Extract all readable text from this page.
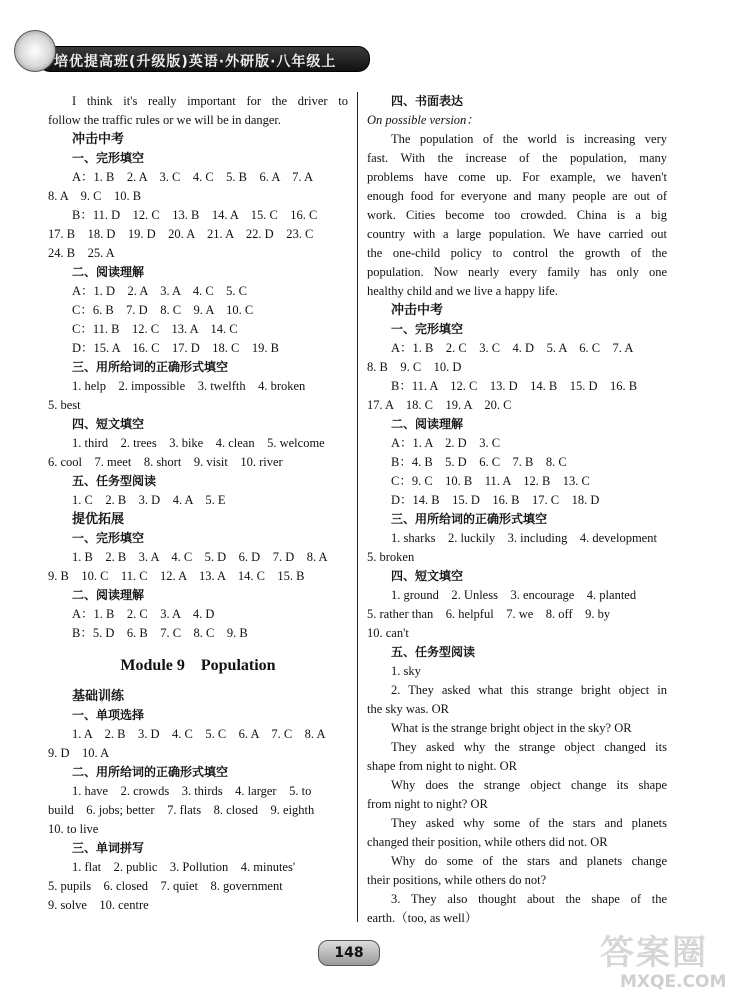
培优提高班(升级版)英语·外研版·八年级上
I think it's really important for the driver to
follow the traffic rules or we will be in danger.
冲击中考
一、完形填空
A：1. B　2. A　3. C　4. C　5. B　6. A　7. A
8. A　9. C　10. B
B：11. D　12. C　13. B　14. A　15. C　16. C
17. B　18. D　19. D　20. A　21. A　22. D　23. C
24. B　25. A
二、阅读理解
A：1. D　2. A　3. A　4. C　5. C
C：6. B　7. D　8. C　9. A　10. C
C：11. B　12. C　13. A　14. C
D：15. A　16. C　17. D　18. C　19. B
三、用所给词的正确形式填空
1. help　2. impossible　3. twelfth　4. broken
5. best
四、短文填空
1. third　2. trees　3. bike　4. clean　5. welcome
6. cool　7. meet　8. short　9. visit　10. river
五、任务型阅读
1. C　2. B　3. D　4. A　5. E
提优拓展
一、完形填空
1. B　2. B　3. A　4. C　5. D　6. D　7. D　8. A
9. B　10. C　11. C　12. A　13. A　14. C　15. B
二、阅读理解
A：1. B　2. C　3. A　4. D
B：5. D　6. B　7. C　8. C　9. B
Module 9　Population
基础训练
一、单项选择
1. A　2. B　3. D　4. C　5. C　6. A　7. C　8. A
9. D　10. A
二、用所给词的正确形式填空
1. have　2. crowds　3. thirds　4. larger　5. to
build　6. jobs; better　7. flats　8. closed　9. eighth
10. to live
三、单词拼写
1. flat　2. public　3. Pollution　4. minutes'
5. pupils　6. closed　7. quiet　8. government
9. solve　10. centre
四、书面表达
On possible version：
The population of the world is increasing very
fast. With the increase of the population, many
problems have come up. For example, we haven't
enough food for everyone and many people are out of
work. Cities become too crowded. China is a big
country with a large population. We have carried out
the one-child policy to control the growth of the
population. Now nearly every family has only one
healthy child and we live a happy life.
冲击中考
一、完形填空
A：1. B　2. C　3. C　4. D　5. A　6. C　7. A
8. B　9. C　10. D
B：11. A　12. C　13. D　14. B　15. D　16. B
17. A　18. C　19. A　20. C
二、阅读理解
A：1. A　2. D　3. C
B：4. B　5. D　6. C　7. B　8. C
C：9. C　10. B　11. A　12. B　13. C
D：14. B　15. D　16. B　17. C　18. D
三、用所给词的正确形式填空
1. sharks　2. luckily　3. including　4. development
5. broken
四、短文填空
1. ground　2. Unless　3. encourage　4. planted
5. rather than　6. helpful　7. we　8. off　9. by
10. can't
五、任务型阅读
1. sky
2. They asked what this strange bright object in
the sky was. OR
What is the strange bright object in the sky? OR
They asked why the strange object changed its
shape from night to night. OR
Why does the strange object change its shape
from night to night? OR
They asked why some of the stars and planets
changed their position, while others did not. OR
Why do some of the stars and planets change
their positions, while others do not?
3. They also thought about the shape of the
earth.（too, as well）
148	答案圈
MXQE.COM
